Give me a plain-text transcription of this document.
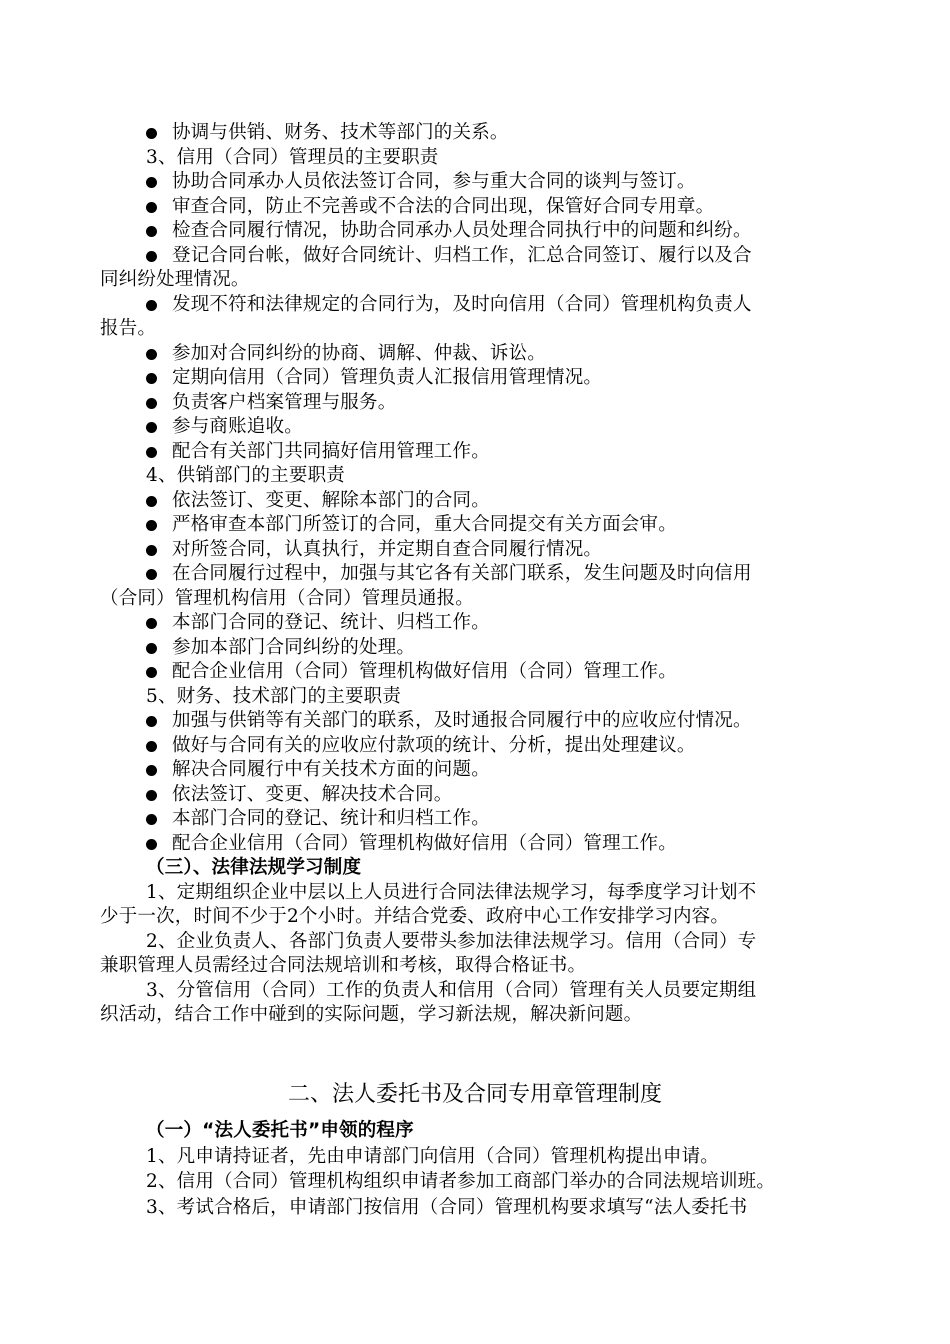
协调与供销、财务、技术等部门的关系。
3、信用（合同）管理员的主要职责
协助合同承办人员依法签订合同，参与重大合同的谈判与签订。
审查合同，防止不完善或不合法的合同出现，保管好合同专用章。
检查合同履行情况，协助合同承办人员处理合同执行中的问题和纠纷。
登记合同台帐，做好合同统计、归档工作，汇总合同签订、履行以及合
同纠纷处理情况。
发现不符和法律规定的合同行为，及时向信用（合同）管理机构负责人
报告。
参加对合同纠纷的协商、调解、仲裁、诉讼。
定期向信用（合同）管理负责人汇报信用管理情况。
负责客户档案管理与服务。
参与商账追收。
配合有关部门共同搞好信用管理工作。
4、供销部门的主要职责
依法签订、变更、解除本部门的合同。
严格审查本部门所签订的合同，重大合同提交有关方面会审。
对所签合同，认真执行，并定期自查合同履行情况。
在合同履行过程中，加强与其它各有关部门联系，发生问题及时向信用
（合同）管理机构信用（合同）管理员通报。
本部门合同的登记、统计、归档工作。
参加本部门合同纠纷的处理。
配合企业信用（合同）管理机构做好信用（合同）管理工作。
5、财务、技术部门的主要职责
加强与供销等有关部门的联系，及时通报合同履行中的应收应付情况。
做好与合同有关的应收应付款项的统计、分析，提出处理建议。
解决合同履行中有关技术方面的问题。
依法签订、变更、解决技术合同。
本部门合同的登记、统计和归档工作。
配合企业信用（合同）管理机构做好信用（合同）管理工作。
（三）、法律法规学习制度
1、定期组织企业中层以上人员进行合同法律法规学习，每季度学习计划不
少于一次，时间不少于2个小时。并结合党委、政府中心工作安排学习内容。
2、企业负责人、各部门负责人要带头参加法律法规学习。信用（合同）专
兼职管理人员需经过合同法规培训和考核，取得合格证书。
3、分管信用（合同）工作的负责人和信用（合同）管理有关人员要定期组
织活动，结合工作中碰到的实际问题，学习新法规，解决新问题。
（一）“法人委托书”申领的程序
1、凡申请持证者，先由申请部门向信用（合同）管理机构提出申请。
2、信用（合同）管理机构组织申请者参加工商部门举办的合同法规培训班。
3、考试合格后，申请部门按信用（合同）管理机构要求填写“法人委托书
二、法人委托书及合同专用章管理制度
